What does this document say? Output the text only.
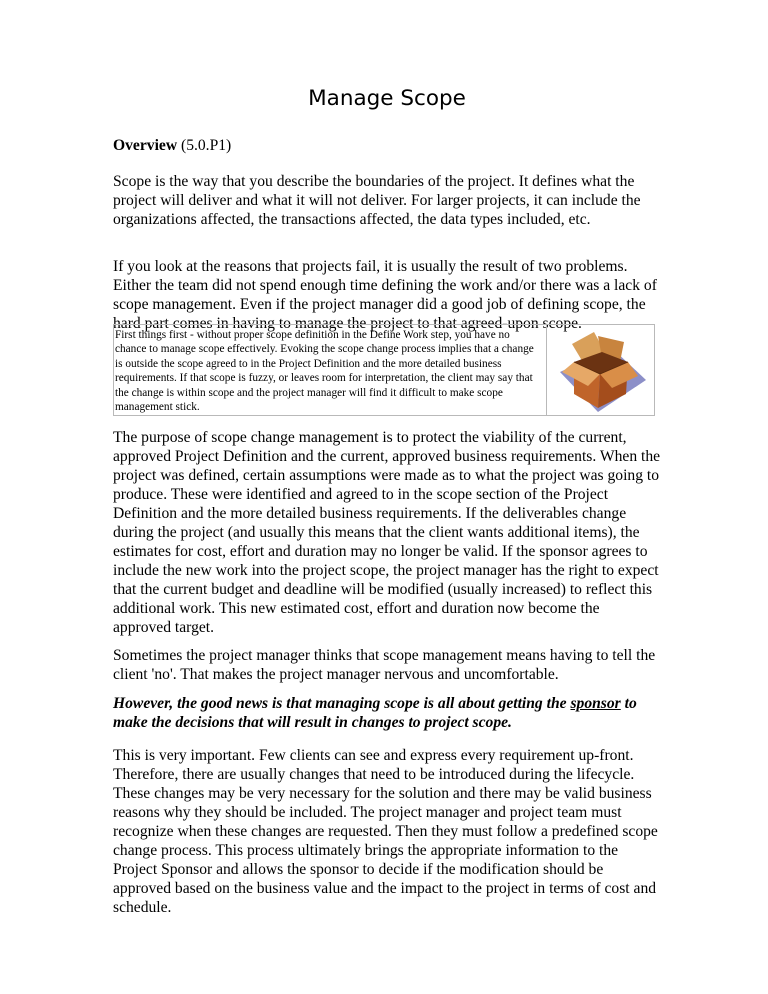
Manage Scope

Overview (5.0.P1)

Scope is the way that you describe the boundaries of the project. It defines what the project will deliver and what it will not deliver. For larger projects, it can include the organizations affected, the transactions affected, the data types included, etc.

If you look at the reasons that projects fail, it is usually the result of two problems. Either the team did not spend enough time defining the work and/or there was a lack of scope management. Even if the project manager did a good job of defining scope, the hard part comes in having to manage the project to that agreed-upon scope.

First things first - without proper scope definition in the Define Work step, you have no chance to manage scope effectively. Evoking the scope change process implies that a change is outside the scope agreed to in the Project Definition and the more detailed business requirements. If that scope is fuzzy, or leaves room for interpretation, the client may say that the change is within scope and the project manager will find it difficult to make scope management stick.

The purpose of scope change management is to protect the viability of the current, approved Project Definition and the current, approved business requirements. When the project was defined, certain assumptions were made as to what the project was going to produce. These were identified and agreed to in the scope section of the Project Definition and the more detailed business requirements. If the deliverables change during the project (and usually this means that the client wants additional items), the estimates for cost, effort and duration may no longer be valid. If the sponsor agrees to include the new work into the project scope, the project manager has the right to expect that the current budget and deadline will be modified (usually increased) to reflect this additional work. This new estimated cost, effort and duration now become the approved target.

Sometimes the project manager thinks that scope management means having to tell the client 'no'. That makes the project manager nervous and uncomfortable.

However, the good news is that managing scope is all about getting the sponsor to make the decisions that will result in changes to project scope.

This is very important. Few clients can see and express every requirement up-front. Therefore, there are usually changes that need to be introduced during the lifecycle. These changes may be very necessary for the solution and there may be valid business reasons why they should be included. The project manager and project team must recognize when these changes are requested. Then they must follow a predefined scope change process. This process ultimately brings the appropriate information to the Project Sponsor and allows the sponsor to decide if the modification should be approved based on the business value and the impact to the project in terms of cost and schedule.
